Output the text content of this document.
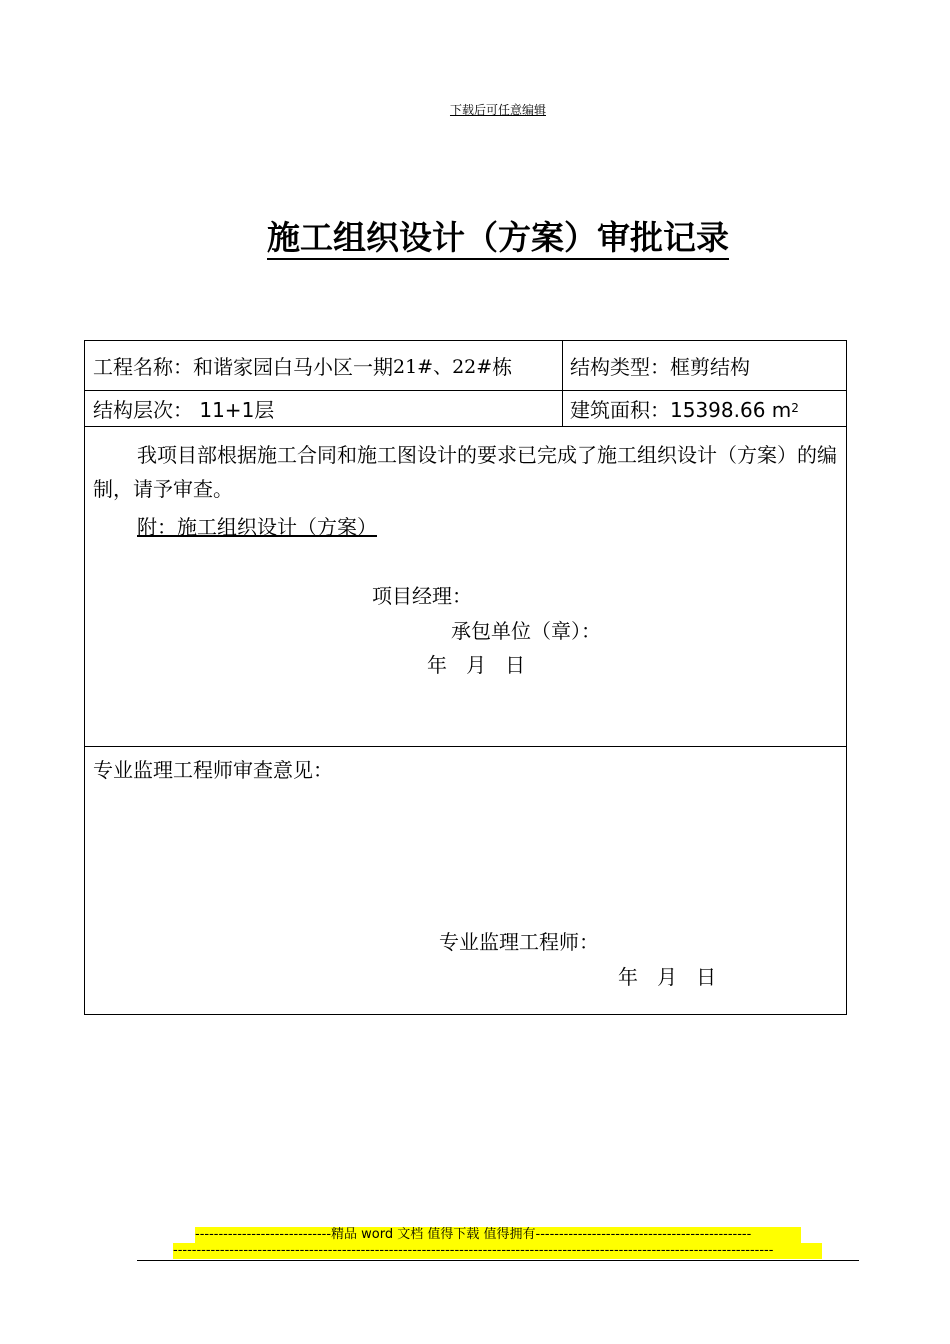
下载后可任意编辑
施工组织设计（方案）审批记录
工程名称：和谐家园白马小区一期 21#、22# 栋	结构类型：框剪结构
结构层次： 11+1层	建筑面积：15398.66 m 2
我项目部根据施工合同和施工图设计的要求已完成了施工组织设计（方案）的编制，请予审查。
附：施工组织设计（方案）
项目经理：
承包单位（章）：
年   月   日
专业监理工程师审查意见：
专业监理工程师：
年   月   日
-----------------------------精品 word 文档 值得下载 值得拥有----------------------------------------------
--------------------------------------------------------------------------------------------------------------------------------
